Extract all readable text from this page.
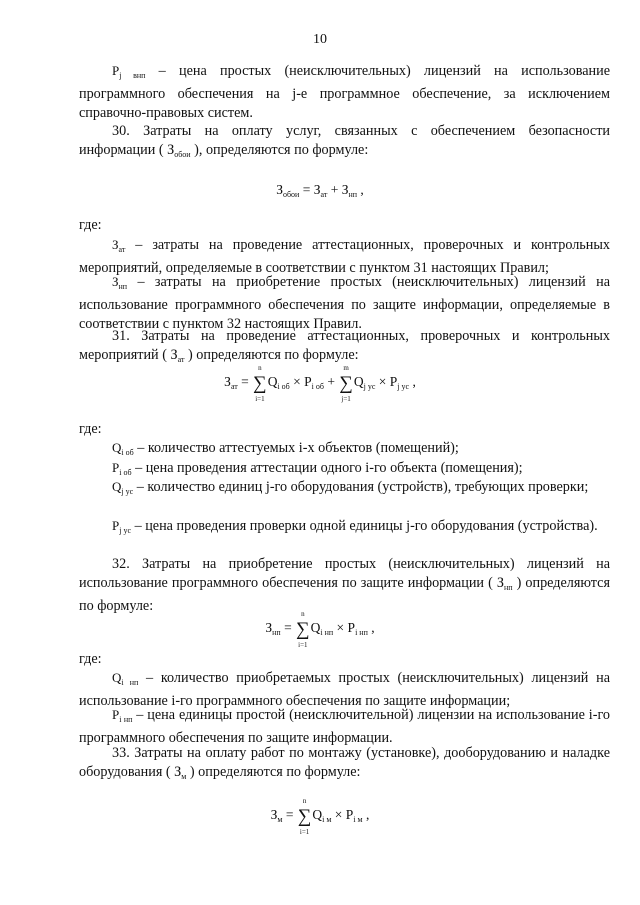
10

$P_{j внп}$ – цена простых (неисключительных) лицензий на использование программного обеспечения на j-е программное обеспечение, за исключением справочно-правовых систем.

30. Затраты на оплату услуг, связанных с обеспечением безопасности информации ( $З_{обои}$ ), определяются по формуле:

$З_{обои} = З_{ат} + З_{нп}$ ,
где:

$З_{ат}$ – затраты на проведение аттестационных, проверочных и контрольных мероприятий, определяемые в соответствии с пунктом 31 настоящих Правил;

$З_{нп}$ – затраты на приобретение простых (неисключительных) лицензий на использование программного обеспечения по защите информации, определяемые в соответствии с пунктом 32 настоящих Правил.

31. Затраты на проведение аттестационных, проверочных и контрольных мероприятий ( $З_{ат}$ ) определяются по формуле:

$З_{ат}$ = ∑
n
i=1
$Q_{i об} \times P_{i об}$ + ∑
m
j=1
$Q_{j ус} \times P_{j ус}$ ,
где:

$Q_{i об}$ – количество аттестуемых i-х объектов (помещений);

$P_{i об}$ – цена проведения аттестации одного i-го объекта (помещения);

$Q_{j ус}$ – количество единиц j-го оборудования (устройств), требующих проверки;

$P_{j ус}$ – цена проведения проверки одной единицы j-го оборудования (устройства).

32. Затраты на приобретение простых (неисключительных) лицензий на использование программного обеспечения по защите информации ( $З_{нп}$ ) определяются по формуле:

$З_{нп}$ = ∑
n
i=1
$Q_{i нп} \times P_{i нп}$ ,
где:

$Q_{i нп}$ – количество приобретаемых простых (неисключительных) лицензий на использование i-го программного обеспечения по защите информации;

$P_{i нп}$ – цена единицы простой (неисключительной) лицензии на использование i-го программного обеспечения по защите информации.

33. Затраты на оплату работ по монтажу (установке), дооборудованию и наладке оборудования ( $З_м$ ) определяются по формуле:

$З_м$ = ∑
n
i=1
$Q_{i м} \times P_{i м}$ ,
